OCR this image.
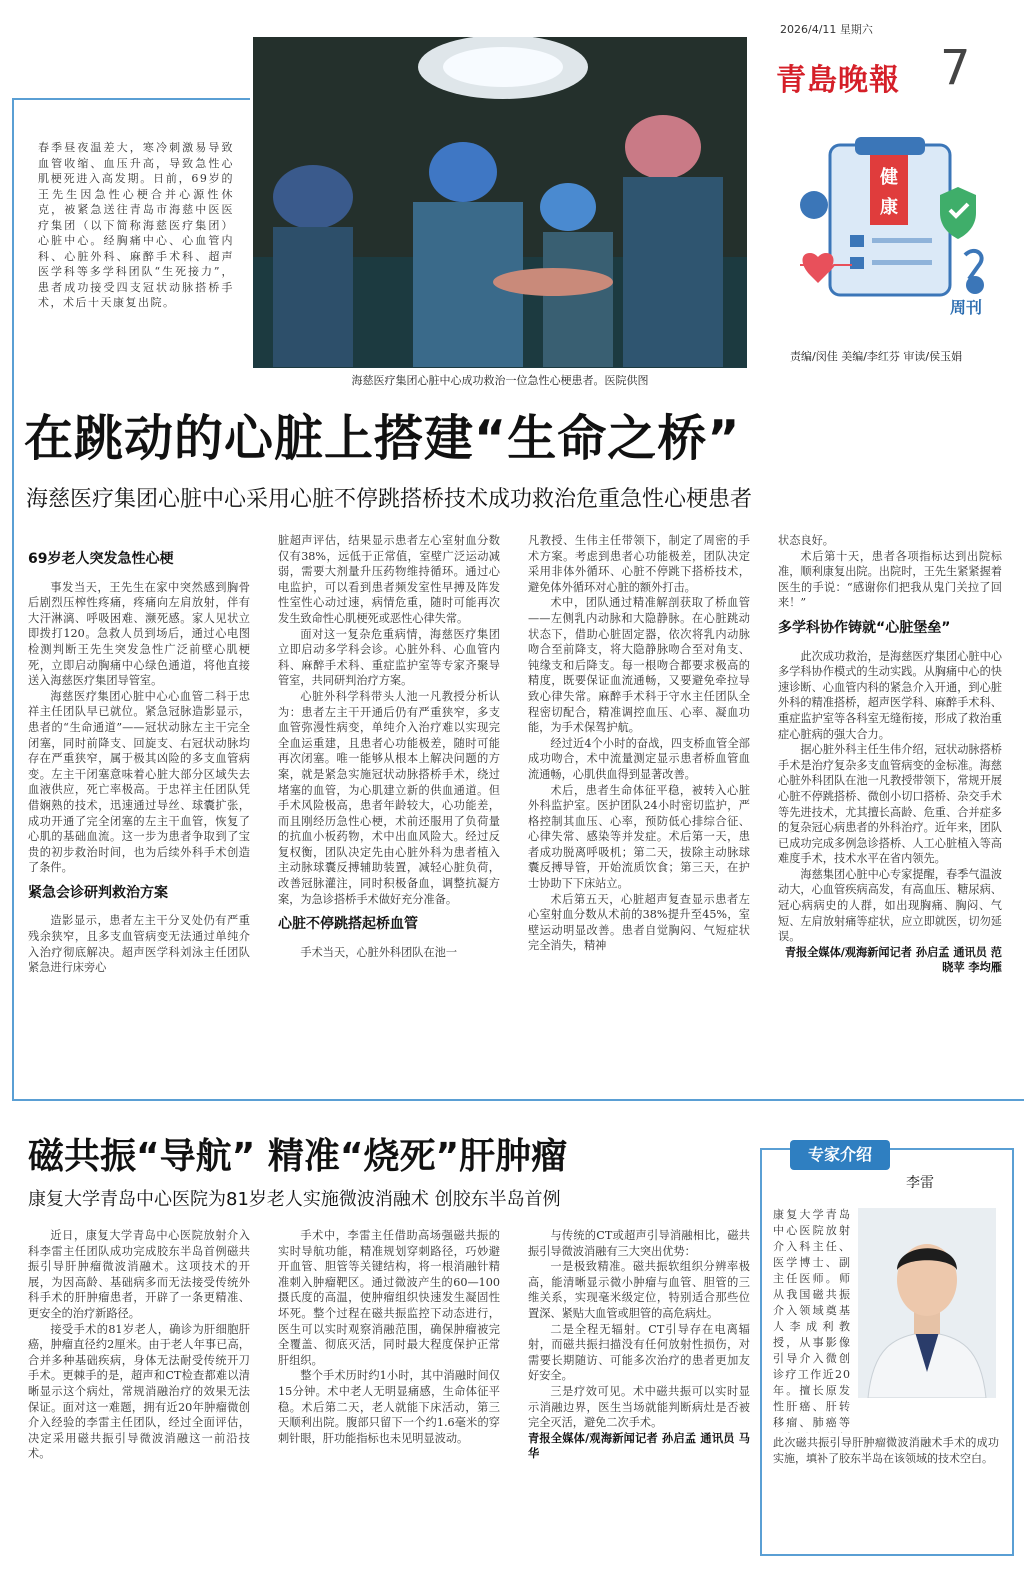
2026/4/11 星期六
青島晚報 7
健
康
周刊
责编/闵佳 美编/李红芬 审读/侯玉娟
春季昼夜温差大，寒冷刺激易导致血管收缩、血压升高，导致急性心肌梗死进入高发期。日前，69岁的王先生因急性心梗合并心源性休克，被紧急送往青岛市海慈中医医疗集团（以下简称海慈医疗集团）心脏中心。经胸痛中心、心血管内科、心脏外科、麻醉手术科、超声医学科等多学科团队“生死接力”，患者成功接受四支冠状动脉搭桥手术，术后十天康复出院。
海慈医疗集团心脏中心成功救治一位急性心梗患者。医院供图
在跳动的心脏上搭建“生命之桥”
海慈医疗集团心脏中心采用心脏不停跳搭桥技术成功救治危重急性心梗患者
69岁老人突发急性心梗

事发当天，王先生在家中突然感到胸骨后剧烈压榨性疼痛，疼痛向左肩放射，伴有大汗淋漓、呼吸困难、濒死感。家人见状立即拨打120。急救人员到场后，通过心电图检测判断王先生突发急性广泛前壁心肌梗死，立即启动胸痛中心绿色通道，将他直接送入海慈医疗集团导管室。

海慈医疗集团心脏中心心血管二科于忠祥主任团队早已就位。紧急冠脉造影显示，患者的“生命通道”——冠状动脉左主干完全闭塞，同时前降支、回旋支、右冠状动脉均存在严重狭窄，属于极其凶险的多支血管病变。左主干闭塞意味着心脏大部分区域失去血液供应，死亡率极高。于忠祥主任团队凭借娴熟的技术，迅速通过导丝、球囊扩张，成功开通了完全闭塞的左主干血管，恢复了心肌的基础血流。这一步为患者争取到了宝贵的初步救治时间，也为后续外科手术创造了条件。

紧急会诊研判救治方案

造影显示，患者左主干分叉处仍有严重残余狭窄，且多支血管病变无法通过单纯介入治疗彻底解决。超声医学科刘泳主任团队紧急进行床旁心

脏超声评估，结果显示患者左心室射血分数仅有38%，远低于正常值，室壁广泛运动减弱，需要大剂量升压药物维持循环。通过心电监护，可以看到患者频发室性早搏及阵发性室性心动过速，病情危重，随时可能再次发生致命性心肌梗死或恶性心律失常。

面对这一复杂危重病情，海慈医疗集团立即启动多学科会诊。心脏外科、心血管内科、麻醉手术科、重症监护室等专家齐聚导管室，共同研判治疗方案。

心脏外科学科带头人池一凡教授分析认为：患者左主干开通后仍有严重狭窄，多支血管弥漫性病变，单纯介入治疗难以实现完全血运重建，且患者心功能极差，随时可能再次闭塞。唯一能够从根本上解决问题的方案，就是紧急实施冠状动脉搭桥手术，绕过堵塞的血管，为心肌建立新的供血通道。但手术风险极高，患者年龄较大，心功能差，而且刚经历急性心梗，术前还服用了负荷量的抗血小板药物，术中出血风险大。经过反复权衡，团队决定先由心脏外科为患者植入主动脉球囊反搏辅助装置，减轻心脏负荷，改善冠脉灌注，同时积极备血，调整抗凝方案，为急诊搭桥手术做好充分准备。

心脏不停跳搭起桥血管

手术当天，心脏外科团队在池一

凡教授、生伟主任带领下，制定了周密的手术方案。考虑到患者心功能极差，团队决定采用非体外循环、心脏不停跳下搭桥技术，避免体外循环对心脏的额外打击。

术中，团队通过精准解剖获取了桥血管——左侧乳内动脉和大隐静脉。在心脏跳动状态下，借助心脏固定器，依次将乳内动脉吻合至前降支，将大隐静脉吻合至对角支、钝缘支和后降支。每一根吻合都要求极高的精度，既要保证血流通畅，又要避免牵拉导致心律失常。麻醉手术科于守水主任团队全程密切配合，精准调控血压、心率、凝血功能，为手术保驾护航。

经过近4个小时的奋战，四支桥血管全部成功吻合，术中流量测定显示患者桥血管血流通畅，心肌供血得到显著改善。

术后，患者生命体征平稳，被转入心脏外科监护室。医护团队24小时密切监护，严格控制其血压、心率，预防低心排综合征、心律失常、感染等并发症。术后第一天，患者成功脱离呼吸机；第二天，拔除主动脉球囊反搏导管，开始流质饮食；第三天，在护士协助下下床站立。

术后第五天，心脏超声复查显示患者左心室射血分数从术前的38%提升至45%，室壁运动明显改善。患者自觉胸闷、气短症状完全消失，精神

状态良好。

术后第十天，患者各项指标达到出院标准，顺利康复出院。出院时，王先生紧紧握着医生的手说：“感谢你们把我从鬼门关拉了回来！”

多学科协作铸就“心脏堡垒”

此次成功救治，是海慈医疗集团心脏中心多学科协作模式的生动实践。从胸痛中心的快速诊断、心血管内科的紧急介入开通，到心脏外科的精准搭桥，超声医学科、麻醉手术科、重症监护室等各科室无缝衔接，形成了救治重症心脏病的强大合力。

据心脏外科主任生伟介绍，冠状动脉搭桥手术是治疗复杂多支血管病变的金标准。海慈心脏外科团队在池一凡教授带领下，常规开展心脏不停跳搭桥、微创小切口搭桥、杂交手术等先进技术，尤其擅长高龄、危重、合并症多的复杂冠心病患者的外科治疗。近年来，团队已成功完成多例急诊搭桥、人工心脏植入等高难度手术，技术水平在省内领先。

海慈集团心脏中心专家提醒，春季气温波动大，心血管疾病高发，有高血压、糖尿病、冠心病病史的人群，如出现胸痛、胸闷、气短、左肩放射痛等症状，应立即就医，切勿延误。

青报全媒体/观海新闻记者 孙启孟 通讯员 范晓苹 李均雁

磁共振“导航” 精准“烧死”肝肿瘤
康复大学青岛中心医院为81岁老人实施微波消融术 创胶东半岛首例

近日，康复大学青岛中心医院放射介入科李雷主任团队成功完成胶东半岛首例磁共振引导肝肿瘤微波消融术。这项技术的开展，为因高龄、基础病多而无法接受传统外科手术的肝肿瘤患者，开辟了一条更精准、更安全的治疗新路径。

接受手术的81岁老人，确诊为肝细胞肝癌，肿瘤直径约2厘米。由于老人年事已高，合并多种基础疾病，身体无法耐受传统开刀手术。更棘手的是，超声和CT检查都难以清晰显示这个病灶，常规消融治疗的效果无法保证。面对这一难题，拥有近20年肿瘤微创介入经验的李雷主任团队，经过全面评估，决定采用磁共振引导微波消融这一前沿技术。

手术中，李雷主任借助高场强磁共振的实时导航功能，精准规划穿刺路径，巧妙避开血管、胆管等关键结构，将一根消融针精准刺入肿瘤靶区。通过微波产生的60—100摄氏度的高温，使肿瘤组织快速发生凝固性坏死。整个过程在磁共振监控下动态进行，医生可以实时观察消融范围，确保肿瘤被完全覆盖、彻底灭活，同时最大程度保护正常肝组织。

整个手术历时约1小时，其中消融时间仅15分钟。术中老人无明显痛感，生命体征平稳。术后第二天，老人就能下床活动，第三天顺利出院。腹部只留下一个约1.6毫米的穿刺针眼，肝功能指标也未见明显波动。

与传统的CT或超声引导消融相比，磁共振引导微波消融有三大突出优势：

一是极致精准。磁共振软组织分辨率极高，能清晰显示微小肿瘤与血管、胆管的三维关系，实现毫米级定位，特别适合那些位置深、紧贴大血管或胆管的高危病灶。

二是全程无辐射。CT引导存在电离辐射，而磁共振扫描没有任何放射性损伤，对需要长期随访、可能多次治疗的患者更加友好安全。

三是疗效可见。术中磁共振可以实时显示消融边界，医生当场就能判断病灶是否被完全灭活，避免二次手术。

青报全媒体/观海新闻记者 孙启孟 通讯员 马华

专家介绍
李雷
康复大学青岛中心医院放射介入科主任、医学博士、副主任医师。师从我国磁共振介入领域奠基人李成利教授，从事影像引导介入微创诊疗工作近20年。擅长原发性肝癌、肝转移瘤、肺癌等
此次磁共振引导肝肿瘤微波消融术手术的成功实施，填补了胶东半岛在该领域的技术空白。
